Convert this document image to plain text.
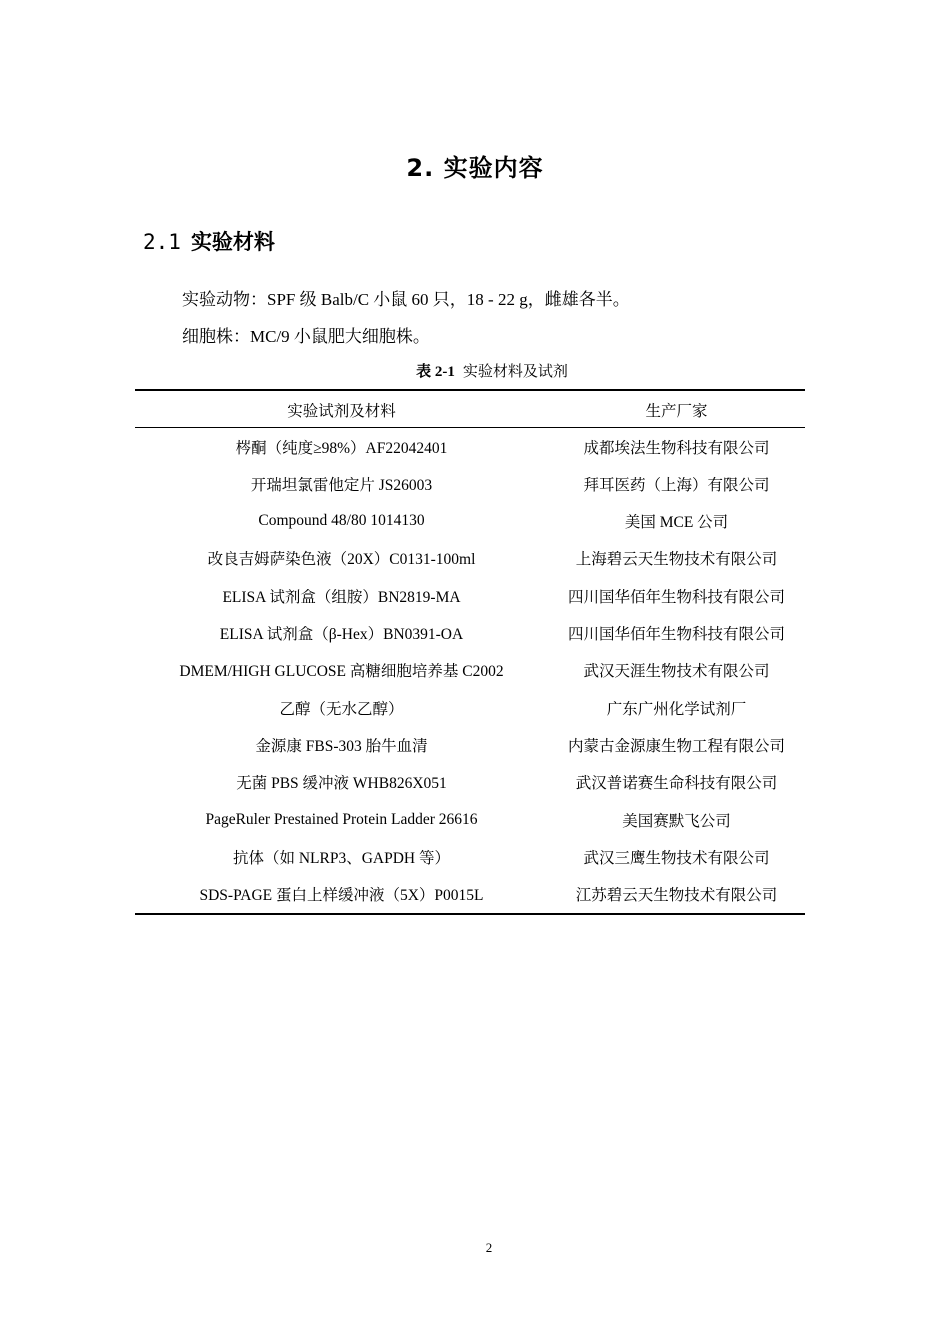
2. 实验内容
2.1 实验材料
实验动物：SPF 级 Balb/C 小鼠 60 只，18 - 22 g，雌雄各半。
细胞株：MC/9 小鼠肥大细胞株。
表 2-1 实验材料及试剂
实验试剂及材料	生产厂家
梣酮（纯度≥98%）AF22042401	成都埃法生物科技有限公司
开瑞坦氯雷他定片 JS26003	拜耳医药（上海）有限公司
Compound 48/80 1014130	美国 MCE 公司
改良吉姆萨染色液（20X）C0131-100ml	上海碧云天生物技术有限公司
ELISA 试剂盒（组胺）BN2819-MA	四川国华佰年生物科技有限公司
ELISA 试剂盒（β-Hex）BN0391-OA	四川国华佰年生物科技有限公司
DMEM/HIGH GLUCOSE 高糖细胞培养基 C2002	武汉天涯生物技术有限公司
乙醇（无水乙醇）	广东广州化学试剂厂
金源康 FBS-303 胎牛血清	内蒙古金源康生物工程有限公司
无菌 PBS 缓冲液 WHB826X051	武汉普诺赛生命科技有限公司
PageRuler Prestained Protein Ladder 26616	美国赛默飞公司
抗体（如 NLRP3、GAPDH 等）	武汉三鹰生物技术有限公司
SDS-PAGE 蛋白上样缓冲液（5X）P0015L	江苏碧云天生物技术有限公司
2
